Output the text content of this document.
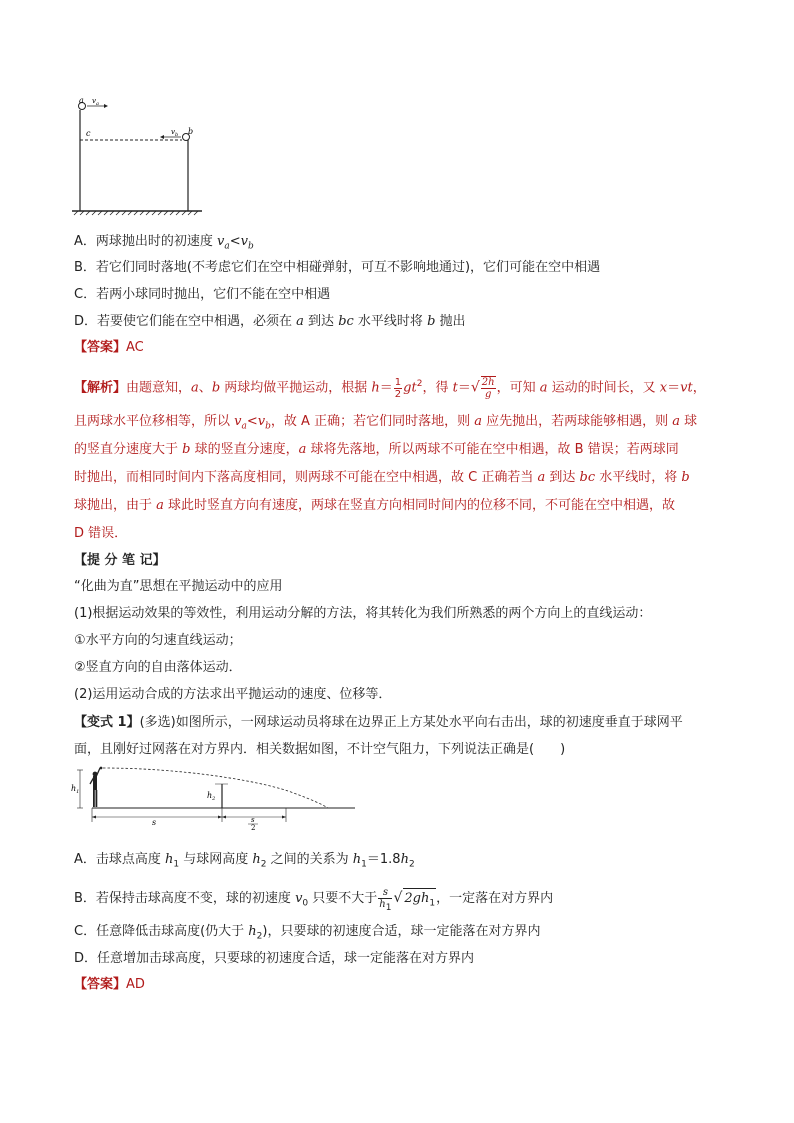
a $v_a$
b
$v_b$
c
A．两球抛出时的初速度 $v_a<v_b$
B．若它们同时落地(不考虑它们在空中相碰弹射，可互不影响地通过)，它们可能在空中相遇
C．若两小球同时抛出，它们不能在空中相遇
D．若要使它们能在空中相遇，必须在 a 到达 bc 水平线时将 b 抛出
【答案】AC
【解析】由题意知，a、b 两球均做平抛运动，根据 $h= \frac{1}{2} gt^2$，得 $t=√ \frac{2h}{g}$ ，可知 a 运动的时间长，又 x＝vt，
且两球水平位移相等，所以 $v_a<v_b$，故 A 正确；若它们同时落地，则 a 应先抛出，若两球能够相遇，则 a 球
的竖直分速度大于 b 球的竖直分速度，a 球将先落地，所以两球不可能在空中相遇，故 B 错误；若两球同
时抛出，而相同时间内下落高度相同，则两球不可能在空中相遇，故 C 正确若当 a 到达 bc 水平线时，将 b
球抛出，由于 a 球此时竖直方向有速度，两球在竖直方向相同时间内的位移不同，不可能在空中相遇，故
D 错误．
【提 分 笔 记】
“化曲为直”思想在平抛运动中的应用
(1)根据运动效果的等效性，利用运动分解的方法，将其转化为我们所熟悉的两个方向上的直线运动：
①水平方向的匀速直线运动；
②竖直方向的自由落体运动．
(2)运用运动合成的方法求出平抛运动的速度、位移等．
【变式 1】(多选)如图所示，一网球运动员将球在边界正上方某处水平向右击出，球的初速度垂直于球网平
面，且刚好过网落在对方界内．相关数据如图，不计空气阻力，下列说法正确是(　　)
$h_1$	$h_2$
s	s
2
A．击球点高度 $h_1$ 与球网高度 $h_2$ 之间的关系为 $h_1=1.8h_2$
B．若保持击球高度不变，球的初速度 $v_0$ 只要不大于 $\frac{s}{h_1}$ √ $2gh_1$，一定落在对方界内
C．任意降低击球高度(仍大于 $h_2$)，只要球的初速度合适，球一定能落在对方界内
D．任意增加击球高度，只要球的初速度合适，球一定能落在对方界内
【答案】AD
